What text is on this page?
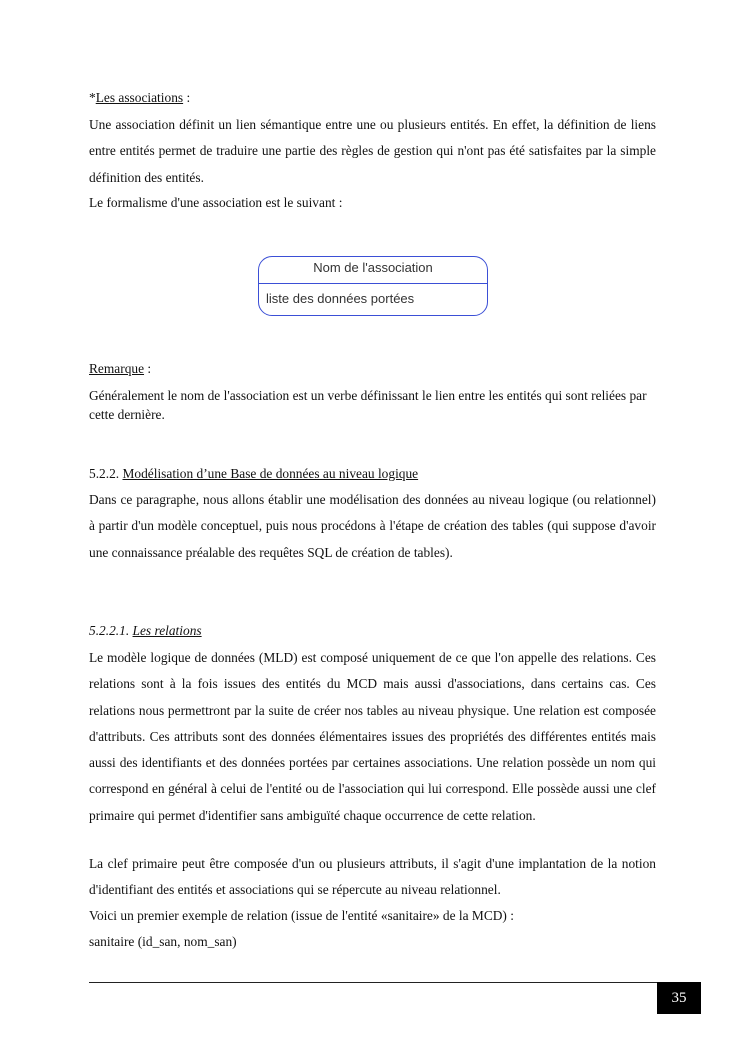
*Les associations :

Une association définit un lien sémantique entre une ou plusieurs entités. En effet, la définition de liens entre entités permet de traduire une partie des règles de gestion qui n'ont pas été satisfaites par la simple définition des entités.

Le formalisme d'une association est le suivant :

Nom de l'association
liste des données portées

Remarque :

Généralement le nom de l'association est un verbe définissant le lien entre les entités qui sont reliées par cette dernière.

5.2.2. Modélisation d’une Base de données au niveau logique

Dans ce paragraphe, nous allons établir une modélisation des données au niveau logique (ou relationnel) à partir d'un modèle conceptuel, puis nous procédons à l'étape de création des tables (qui suppose d'avoir une connaissance préalable des requêtes SQL de création de tables).

5.2.2.1. Les relations

Le modèle logique de données (MLD) est composé uniquement de ce que l'on appelle des relations. Ces relations sont à la fois issues des entités du MCD mais aussi d'associations, dans certains cas. Ces relations nous permettront par la suite de créer nos tables au niveau physique. Une relation est composée d'attributs. Ces attributs sont des données élémentaires issues des propriétés des différentes entités mais aussi des identifiants et des données portées par certaines associations. Une relation possède un nom qui correspond en général à celui de l'entité ou de l'association qui lui correspond. Elle possède aussi une clef primaire qui permet d'identifier sans ambiguïté chaque occurrence de cette relation.

La clef primaire peut être composée d'un ou plusieurs attributs, il s'agit d'une implantation de la notion d'identifiant des entités et associations qui se répercute au niveau relationnel.

Voici un premier exemple de relation (issue de l'entité «sanitaire» de la MCD) :

sanitaire (id_san, nom_san)

35
